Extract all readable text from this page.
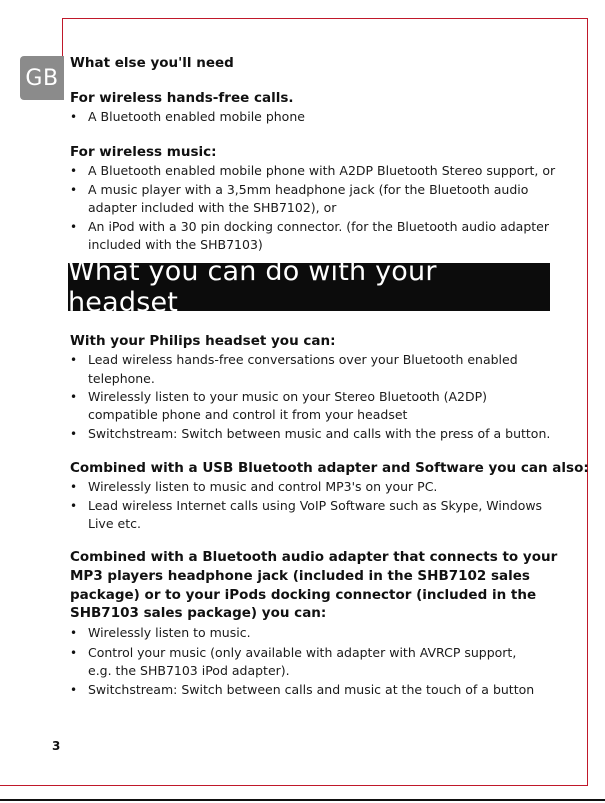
GB
What else you'll need
For wireless hands-free calls.
• A Bluetooth enabled mobile phone
For wireless music:
• A Bluetooth enabled mobile phone with A2DP Bluetooth Stereo support, or
• A music player with a 3,5mm headphone jack (for the Bluetooth audio
adapter included with the SHB7102), or
• An iPod with a 30 pin docking connector. (for the Bluetooth audio adapter
included with the SHB7103)
What you can do with your headset
With your Philips headset you can:
• Lead wireless hands-free conversations over your Bluetooth enabled
telephone.
• Wirelessly listen to your music on your Stereo Bluetooth (A2DP)
compatible phone and control it from your headset
• Switchstream: Switch between music and calls with the press of a button.
Combined with a USB Bluetooth adapter and Software you can also:
• Wirelessly listen to music and control MP3's on your PC.
• Lead wireless Internet calls using VoIP Software such as Skype, Windows
Live etc.
Combined with a Bluetooth audio adapter that connects to your
MP3 players headphone jack (included in the SHB7102 sales
package) or to your iPods docking connector (included in the
SHB7103 sales package) you can:
• Wirelessly listen to music.
• Control your music (only available with adapter with AVRCP support,
e.g. the SHB7103 iPod adapter).
• Switchstream: Switch between calls and music at the touch of a button
3
